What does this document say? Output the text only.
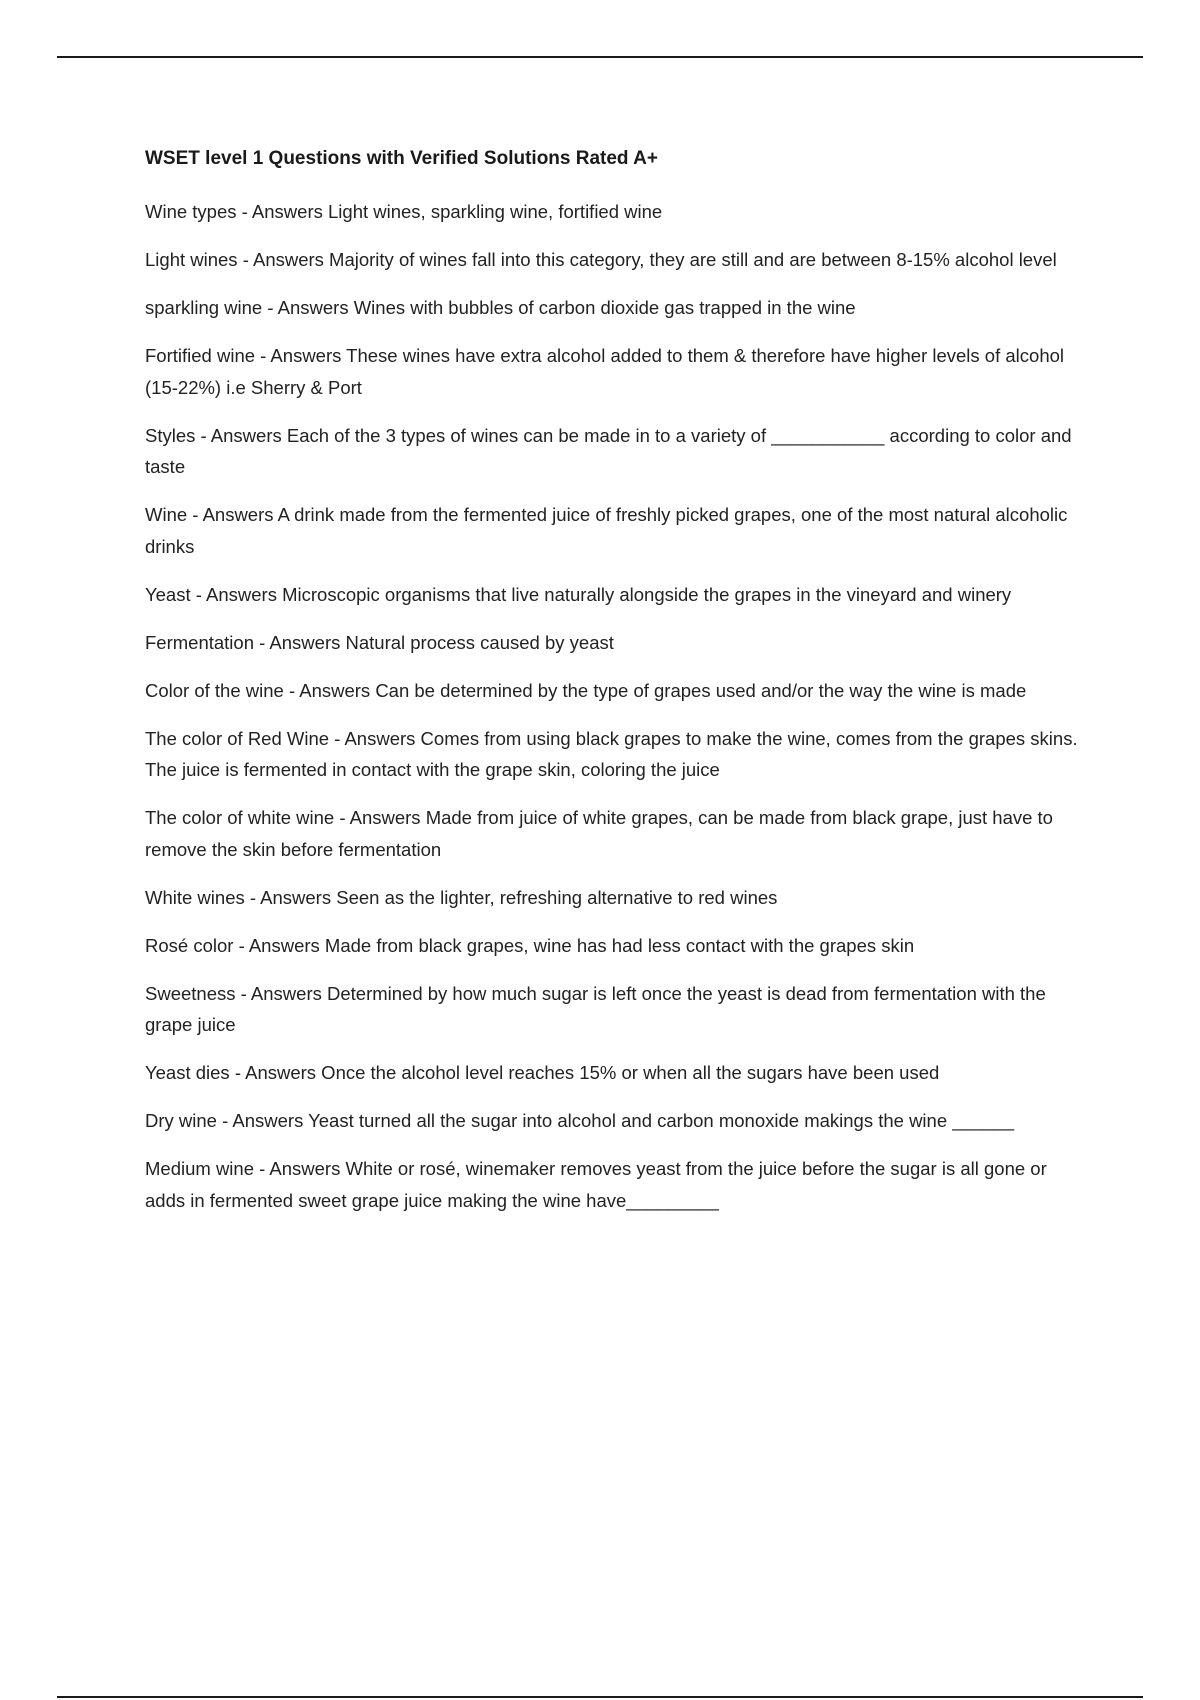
WSET level 1 Questions with Verified Solutions Rated A+

Wine types - Answers Light wines, sparkling wine, fortified wine

Light wines - Answers Majority of wines fall into this category, they are still and are between 8-15% alcohol level

sparkling wine - Answers Wines with bubbles of carbon dioxide gas trapped in the wine

Fortified wine - Answers These wines have extra alcohol added to them & therefore have higher levels of alcohol (15-22%) i.e Sherry & Port

Styles - Answers Each of the 3 types of wines can be made in to a variety of ___________ according to color and taste

Wine - Answers A drink made from the fermented juice of freshly picked grapes, one of the most natural alcoholic drinks

Yeast - Answers Microscopic organisms that live naturally alongside the grapes in the vineyard and winery

Fermentation - Answers Natural process caused by yeast

Color of the wine - Answers Can be determined by the type of grapes used and/or the way the wine is made

The color of Red Wine - Answers Comes from using black grapes to make the wine, comes from the grapes skins. The juice is fermented in contact with the grape skin, coloring the juice

The color of white wine - Answers Made from juice of white grapes, can be made from black grape, just have to remove the skin before fermentation

White wines - Answers Seen as the lighter, refreshing alternative to red wines

Rosé color - Answers Made from black grapes, wine has had less contact with the grapes skin

Sweetness - Answers Determined by how much sugar is left once the yeast is dead from fermentation with the grape juice

Yeast dies - Answers Once the alcohol level reaches 15% or when all the sugars have been used

Dry wine - Answers Yeast turned all the sugar into alcohol and carbon monoxide makings the wine ______

Medium wine - Answers White or rosé, winemaker removes yeast from the juice before the sugar is all gone or adds in fermented sweet grape juice making the wine have_________
